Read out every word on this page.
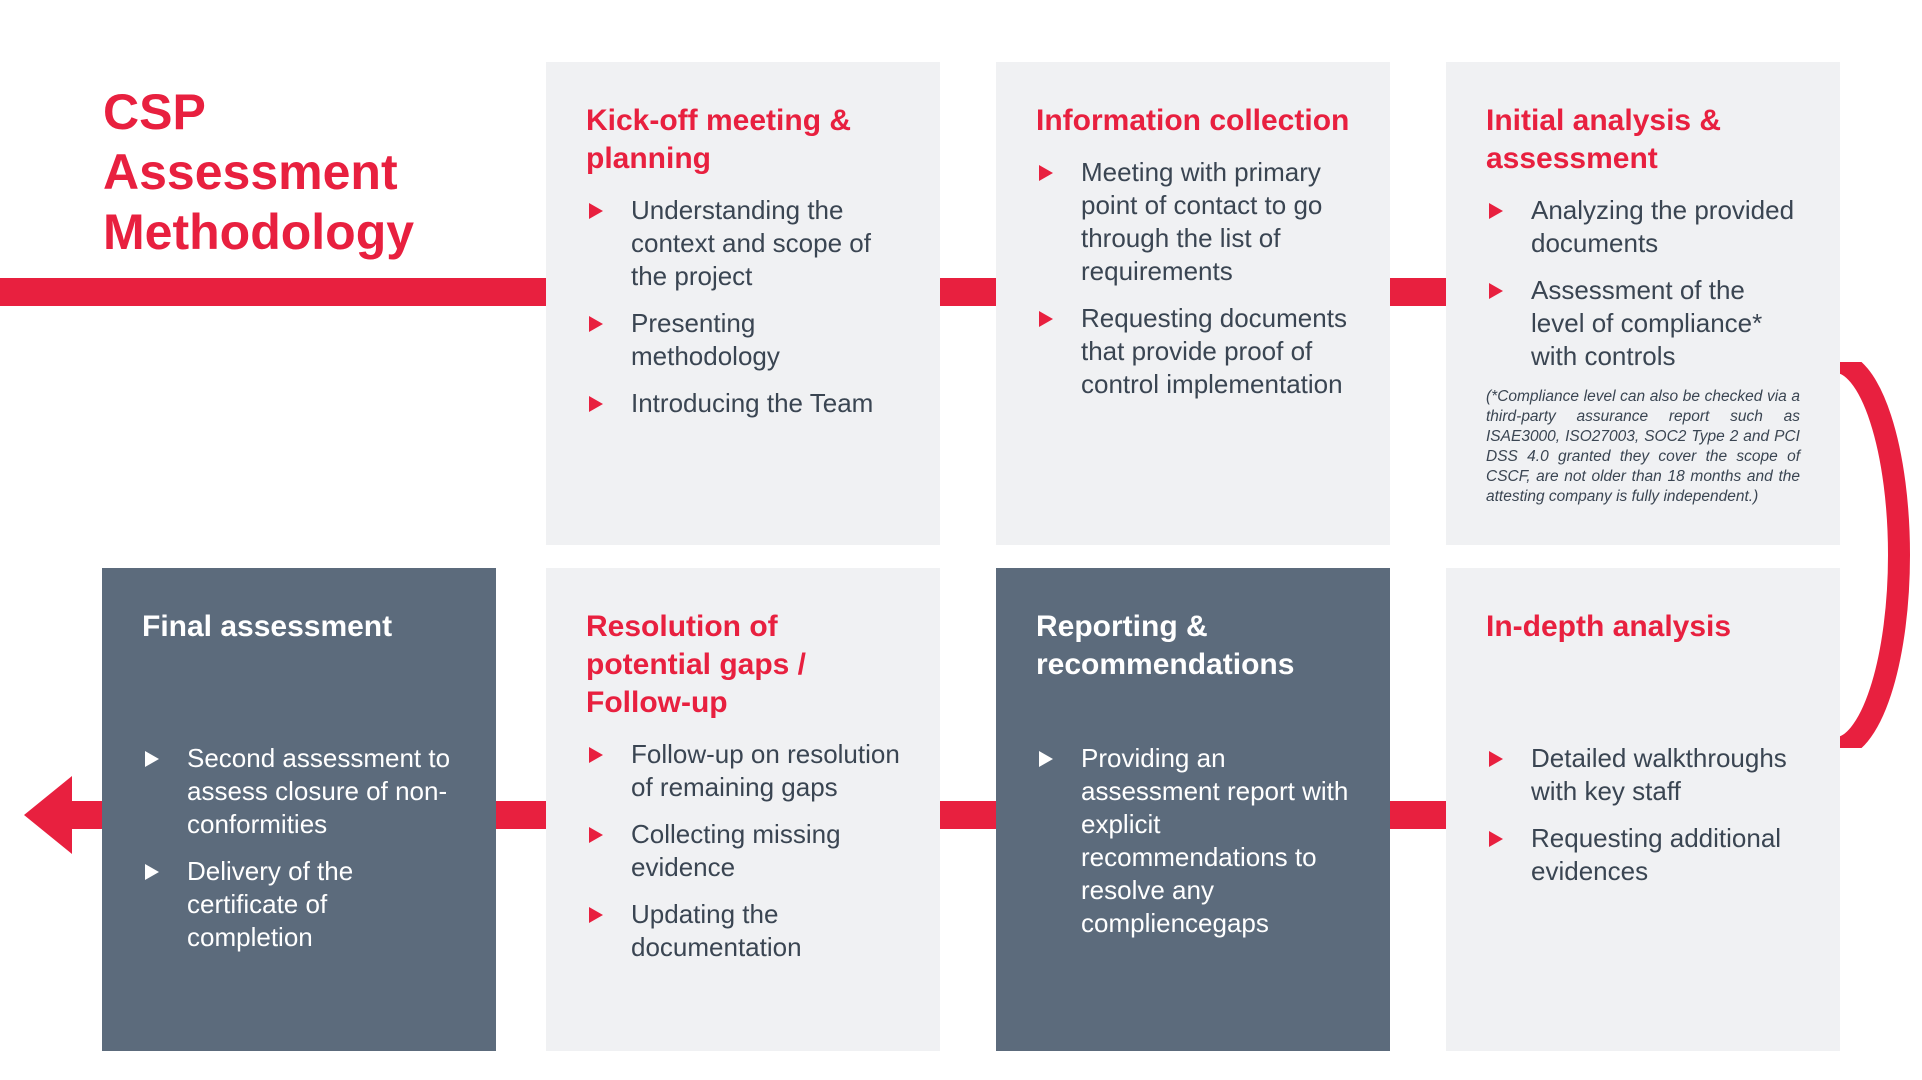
CSP
Assessment
Methodology
Kick-off meeting & planning
Understanding the context and scope of the project
Presenting methodology
Introducing the Team
Information collection
Meeting with primary point of contact to go through the list of requirements
Requesting documents that provide proof of control implementation
Initial analysis & assessment
Analyzing the provided documents
Assessment of the level of compliance* with controls

(*Compliance level can also be checked via a third-party assurance report such as ISAE3000, ISO27003, SOC2 Type 2 and PCI DSS 4.0 granted they cover the scope of CSCF, are not older than 18 months and the attesting company is fully independent.)

In-depth analysis
Detailed walkthroughs with key staff
Requesting additional evidences
Reporting & recommendations
Providing an assessment report with explicit recommendations to resolve any compliencegaps
Resolution of potential gaps / Follow-up
Follow-up on resolution of remaining gaps
Collecting missing evidence
Updating the documentation
Final assessment
Second assessment to assess closure of non-conformities
Delivery of the certificate of completion
